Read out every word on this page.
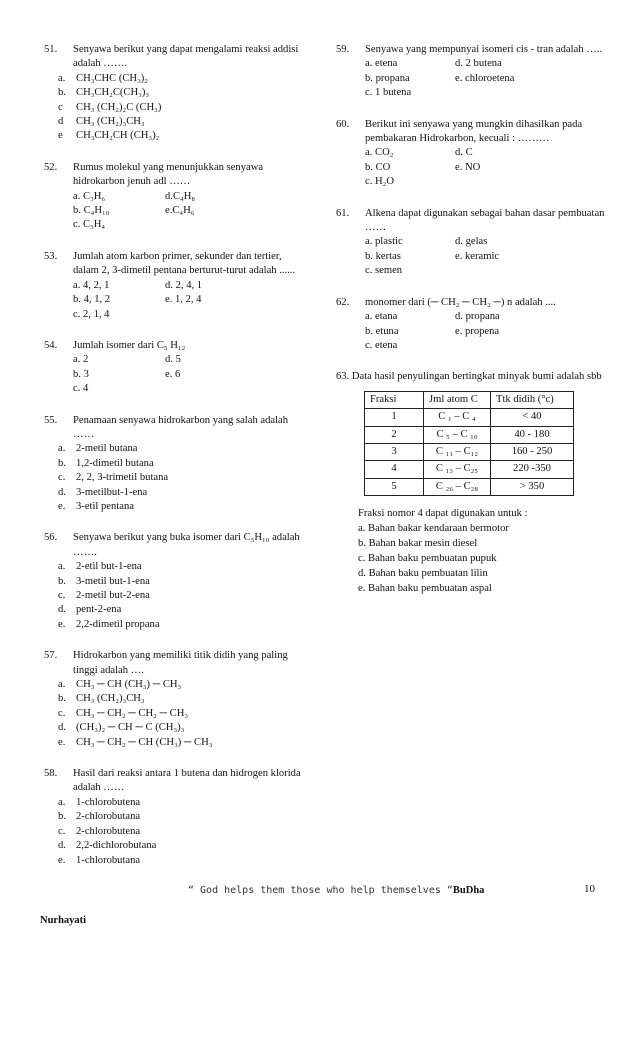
51.	Senyawa berikut yang dapat mengalami reaksi addisi adalah …….
a.	CH₃CHC (CH₃)₂
b. CH₃CH₂C(CH₃)₃
c	CH₃ (CH₂)₂C (CH₃)
d	CH₃ (CH₂)₃CH₃
e	CH₃CH₂CH (CH₃)₂
52.	Rumus molekul yang menunjukkan senyawa hidrokarbon jenuh adl ……
a. C₃H₆	d.C₄H₈
b. C₄H₁₀	e.C₄H₆
c. C₃H₄
53.	Jumlah atom karbon primer, sekunder dan tertier, dalam 2, 3-dimetil pentana berturut-turut adalah ......
a. 4, 2, 1	d. 2, 4, 1
b. 4, 1, 2	e. 1, 2, 4
c. 2, 1, 4
54.	Jumlah isomer dari C₅ H₁₂
a. 2	d. 5
b. 3	e. 6
c. 4
55.	Penamaan senyawa hidrokarbon yang salah adalah ……
a.	2-metil butana
b. 1,2-dimetil butana
c.	2, 2, 3-trimetil butana
d. 3-metilbut-1-ena
e.	3-etil pentana
56.	Senyawa berikut yang buka isomer dari C₅H₁₀ adalah …….
a.	2-etil but-1-ena
b. 3-metil but-1-ena
c.	2-metil but-2-ena
d. pent-2-ena
e.	2,2-dimetil propana
57.	Hidrokarbon yang memiliki titik didih yang paling tinggi adalah ….
a.	CH₃ ─ CH (CH₃) ─ CH₃
b. CH₃ (CH₂)₃CH₃
c.	CH₃ ─ CH₂ ─ CH₂ ─ CH₃
d. (CH₃)₂ ─ CH ─ C (CH₃)₃
e.	CH₃ ─ CH₂ ─ CH (CH₃) ─ CH₃
58.	Hasil dari reaksi antara 1 butena dan hidrogen klorida adalah ……
a.	1-chlorobutena
b. 2-chlorobutana
c.	2-chlorobutena
d. 2,2-dichlorobutana
e.	1-chlorobutana
59.	Senyawa yang mempunyai isomeri cis - tran adalah …..
a. etena	d. 2 butena
b. propana	e. chloroetena
c. 1 butena
60.	Berikut ini senyawa yang mungkin dihasilkan pada pembakaran Hidrokarbon, kecuali : ………
a. CO₂	d. C
b. CO	e. NO
c. H₂O
61.	Alkena dapat digunakan sebagai bahan dasar pembuatan ……
a. plastic	d. gelas
b. kertas	e. keramic
c. semen
62.	monomer dari (─ CH₂ ─ CH₂ ─) n adalah ....
a. etana	d. propana
b. etuna	e. propena
c. etena
63. Data hasil penyulingan bertingkat minyak bumi adalah sbb
Fraksi	Jml atom C	Ttk didih (°c)
1	C ₁ – C ₄	< 40
2	C ₅ – C ₁₀	40 - 180
3	C ₁₁ – C₁₂	160 - 250
4	C ₁₃ – C₂₅	220 -350
5	C ₂₆ – C₂₈	> 350
Fraksi nomor 4 dapat digunakan untuk :
a. Bahan bakar kendaraan bermotor
b. Bahan bakar mesin diesel
c. Bahan baku pembuatan pupuk
d. Bahan baku pembuatan lilin
e. Bahan baku pembuatan aspal
“ God helps them those who help themselves “BuDha	10
Nurhayati
